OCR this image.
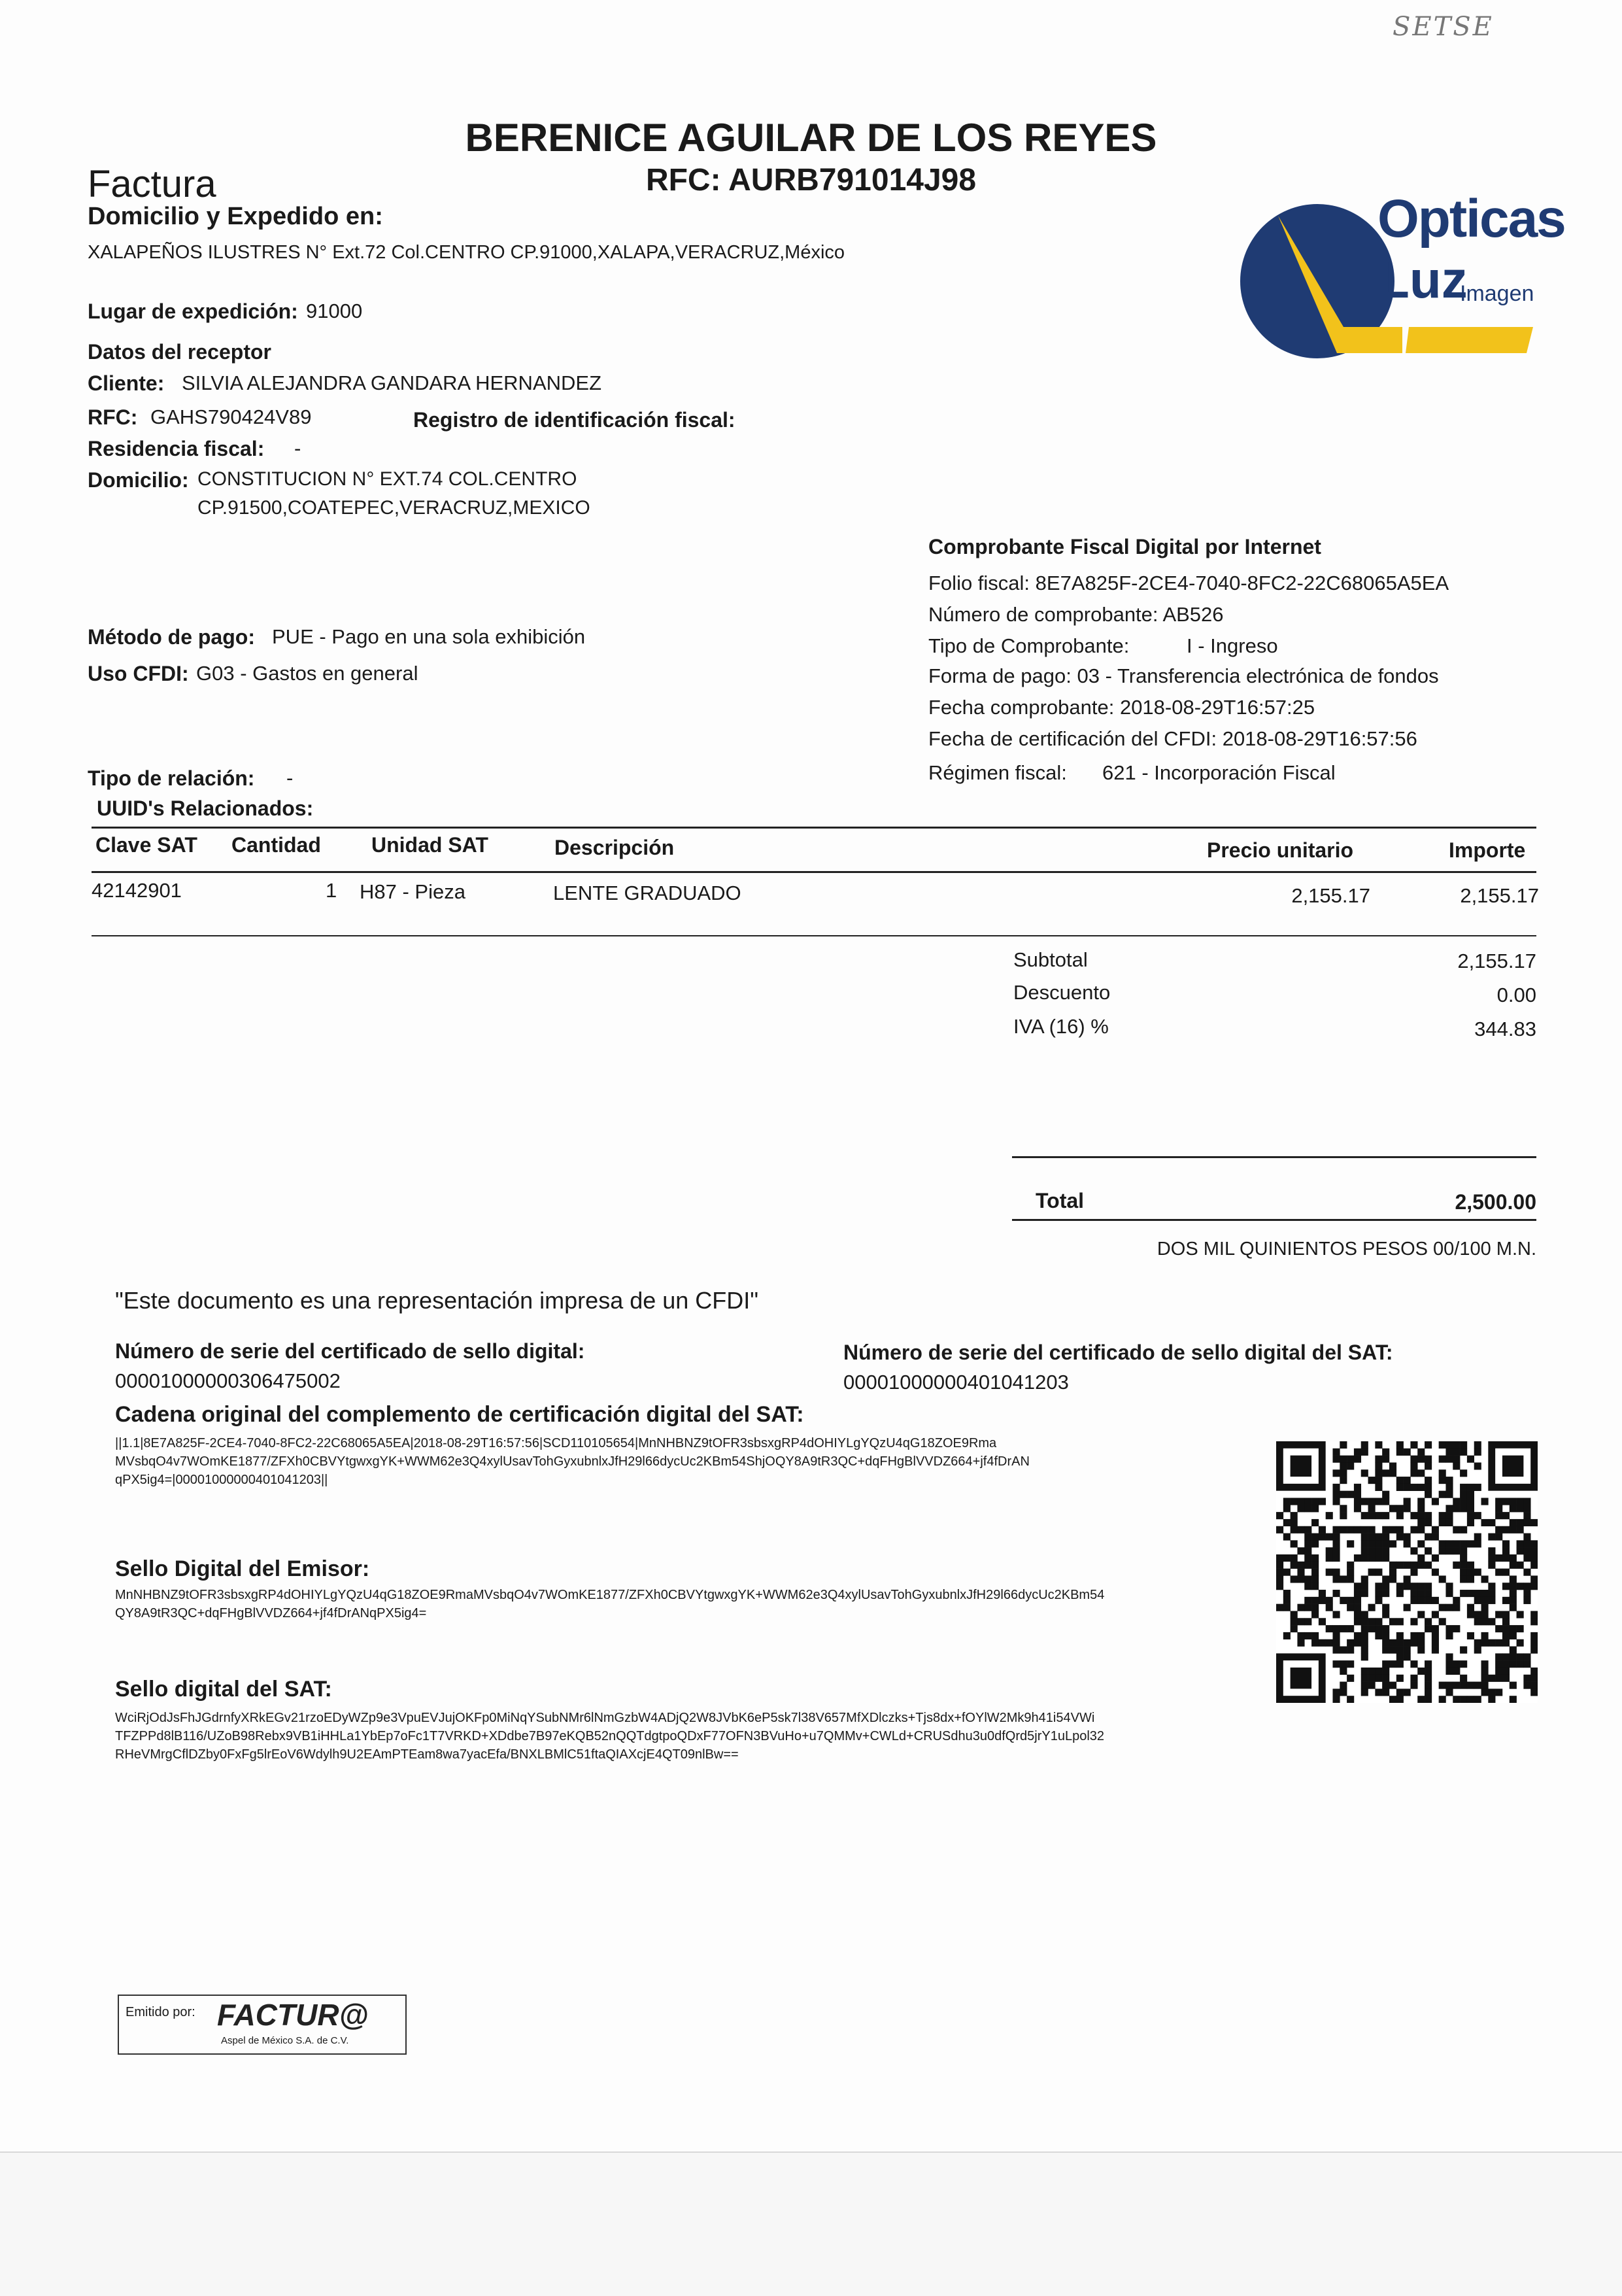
SETSE
BERENICE AGUILAR DE LOS REYES
RFC: AURB791014J98
Factura
Domicilio y Expedido en:
XALAPEÑOS ILUSTRES N° Ext.72 Col.CENTRO CP.91000,XALAPA,VERACRUZ,México
Lugar de expedición: 91000
Opticas
Luz
Imagen
Datos del receptor
Cliente: SILVIA ALEJANDRA GANDARA HERNANDEZ
RFC: GAHS790424V89	Registro de identificación fiscal:
Residencia fiscal: -
Domicilio: CONSTITUCION N° EXT.74 COL.CENTRO
CP.91500,COATEPEC,VERACRUZ,MEXICO
Comprobante Fiscal Digital por Internet
Folio fiscal: 8E7A825F-2CE4-7040-8FC2-22C68065A5EA
Número de comprobante: AB526
Tipo de Comprobante:	I - Ingreso
Forma de pago: 03 - Transferencia electrónica de fondos
Fecha comprobante: 2018-08-29T16:57:25
Fecha de certificación del CFDI: 2018-08-29T16:57:56
Régimen fiscal: 621 - Incorporación Fiscal
Método de pago: PUE - Pago en una sola exhibición
Uso CFDI: G03 - Gastos en general
Tipo de relación: -
UUID's Relacionados:
Clave SAT Cantidad Unidad SAT	Descripción	Precio unitario	Importe
42142901	1 H87 - Pieza	LENTE GRADUADO	2,155.17	2,155.17
Subtotal	2,155.17
Descuento	0.00
IVA (16) %	344.83
Total	2,500.00
DOS MIL QUINIENTOS PESOS 00/100 M.N.
"Este documento es una representación impresa de un CFDI"
Número de serie del certificado de sello digital:
00001000000306475002
Número de serie del certificado de sello digital del SAT:
00001000000401041203
Cadena original del complemento de certificación digital del SAT:
||1.1|8E7A825F-2CE4-7040-8FC2-22C68065A5EA|2018-08-29T16:57:56|SCD110105654|MnNHBNZ9tOFR3sbsxgRP4dOHIYLgYQzU4qG18ZOE9Rma
MVsbqO4v7WOmKE1877/ZFXh0CBVYtgwxgYK+WWM62e3Q4xylUsavTohGyxubnlxJfH29l66dycUc2KBm54ShjOQY8A9tR3QC+dqFHgBlVVDZ664+jf4fDrAN
qPX5ig4=|00001000000401041203||
Sello Digital del Emisor:
MnNHBNZ9tOFR3sbsxgRP4dOHIYLgYQzU4qG18ZOE9RmaMVsbqO4v7WOmKE1877/ZFXh0CBVYtgwxgYK+WWM62e3Q4xylUsavTohGyxubnlxJfH29l66dycUc2KBm54
QY8A9tR3QC+dqFHgBlVVDZ664+jf4fDrANqPX5ig4=
Sello digital del SAT:
WciRjOdJsFhJGdrnfyXRkEGv21rzoEDyWZp9e3VpuEVJujOKFp0MiNqYSubNMr6lNmGzbW4ADjQ2W8JVbK6eP5sk7l38V657MfXDlczks+Tjs8dx+fOYlW2Mk9h41i54VWi
TFZPPd8lB116/UZoB98Rebx9VB1iHHLa1YbEp7oFc1T7VRKD+XDdbe7B97eKQB52nQQTdgtpoQDxF77OFN3BVuHo+u7QMMv+CWLd+CRUSdhu3u0dfQrd5jrY1uLpol32
RHeVMrgCflDZby0FxFg5lrEoV6Wdylh9U2EAmPTEam8wa7yacEfa/BNXLBMlC51ftaQIAXcjE4QT09nlBw==
Emitido por: FACTUR@
Aspel de México S.A. de C.V.
